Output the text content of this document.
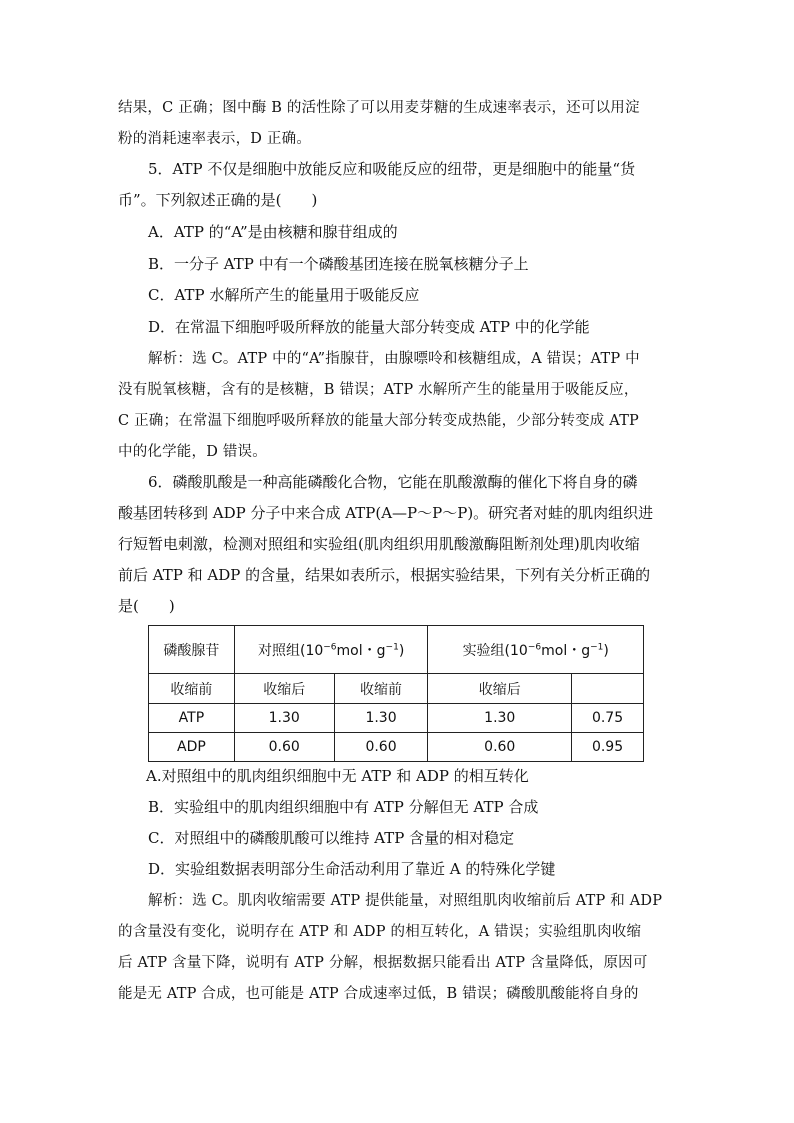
结果，C 正确；图中酶 B 的活性除了可以用麦芽糖的生成速率表示，还可以用淀
粉的消耗速率表示，D 正确。
5．ATP 不仅是细胞中放能反应和吸能反应的纽带，更是细胞中的能量“货
币”。下列叙述正确的是(　　)
A．ATP 的“A”是由核糖和腺苷组成的
B．一分子 ATP 中有一个磷酸基团连接在脱氧核糖分子上
C．ATP 水解所产生的能量用于吸能反应
D．在常温下细胞呼吸所释放的能量大部分转变成 ATP 中的化学能
解析：选 C。ATP 中的“A”指腺苷，由腺嘌呤和核糖组成，A 错误；ATP 中
没有脱氧核糖，含有的是核糖，B 错误；ATP 水解所产生的能量用于吸能反应，
C 正确；在常温下细胞呼吸所释放的能量大部分转变成热能，少部分转变成 ATP
中的化学能，D 错误。
6．磷酸肌酸是一种高能磷酸化合物，它能在肌酸激酶的催化下将自身的磷
酸基团转移到 ADP 分子中来合成 ATP(A—P～P～P)。研究者对蛙的肌肉组织进
行短暂电刺激，检测对照组和实验组(肌肉组织用肌酸激酶阻断剂处理)肌肉收缩
前后 ATP 和 ADP 的含量，结果如表所示，根据实验结果，下列有关分析正确的
是(　　)
磷酸腺苷	对照组($10^{-6}mol$・$g^{-1}$)		实验组($10^{-6}mol$・$g^{-1}$)	
收缩前	收缩后	收缩前	收缩后	
ATP	1.30	1.30	1.30	0.75
ADP	0.60	0.60	0.60	0.95
A.对照组中的肌肉组织细胞中无 ATP 和 ADP 的相互转化
B．实验组中的肌肉组织细胞中有 ATP 分解但无 ATP 合成
C．对照组中的磷酸肌酸可以维持 ATP 含量的相对稳定
D．实验组数据表明部分生命活动利用了靠近 A 的特殊化学键
解析：选 C。肌肉收缩需要 ATP 提供能量，对照组肌肉收缩前后 ATP 和 ADP
的含量没有变化，说明存在 ATP 和 ADP 的相互转化，A 错误；实验组肌肉收缩
后 ATP 含量下降，说明有 ATP 分解，根据数据只能看出 ATP 含量降低，原因可
能是无 ATP 合成，也可能是 ATP 合成速率过低，B 错误；磷酸肌酸能将自身的
